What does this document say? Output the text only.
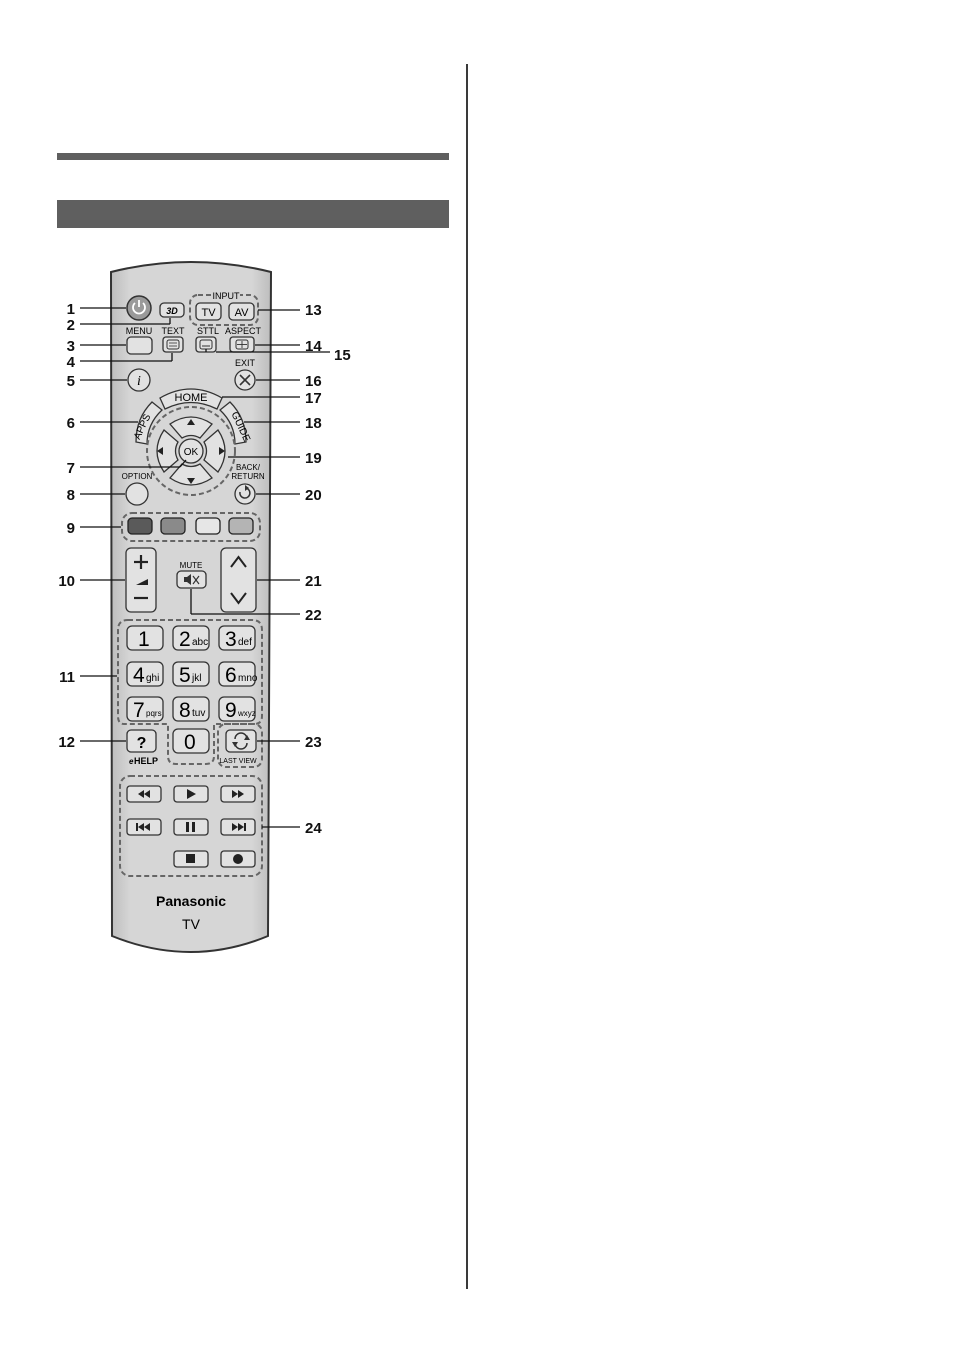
3D
INPUT
TV AV
MENU TEXT STTL ASPECT
i
EXIT
HOME
APPS	GUIDE
OK
OPTION
BACK/
RETURN
MUTE
1 2 abc 3 def
4 ghi 5 jkl 6 mno
7 pqrs 8 tuv 9 wxyz
0
?
e HELP	LAST VIEW
Panasonic
TV
1
2
3
4
5
6
7
8
9
10
11
12
13
14
15
16
17
18
19
20
21
22
23
24
